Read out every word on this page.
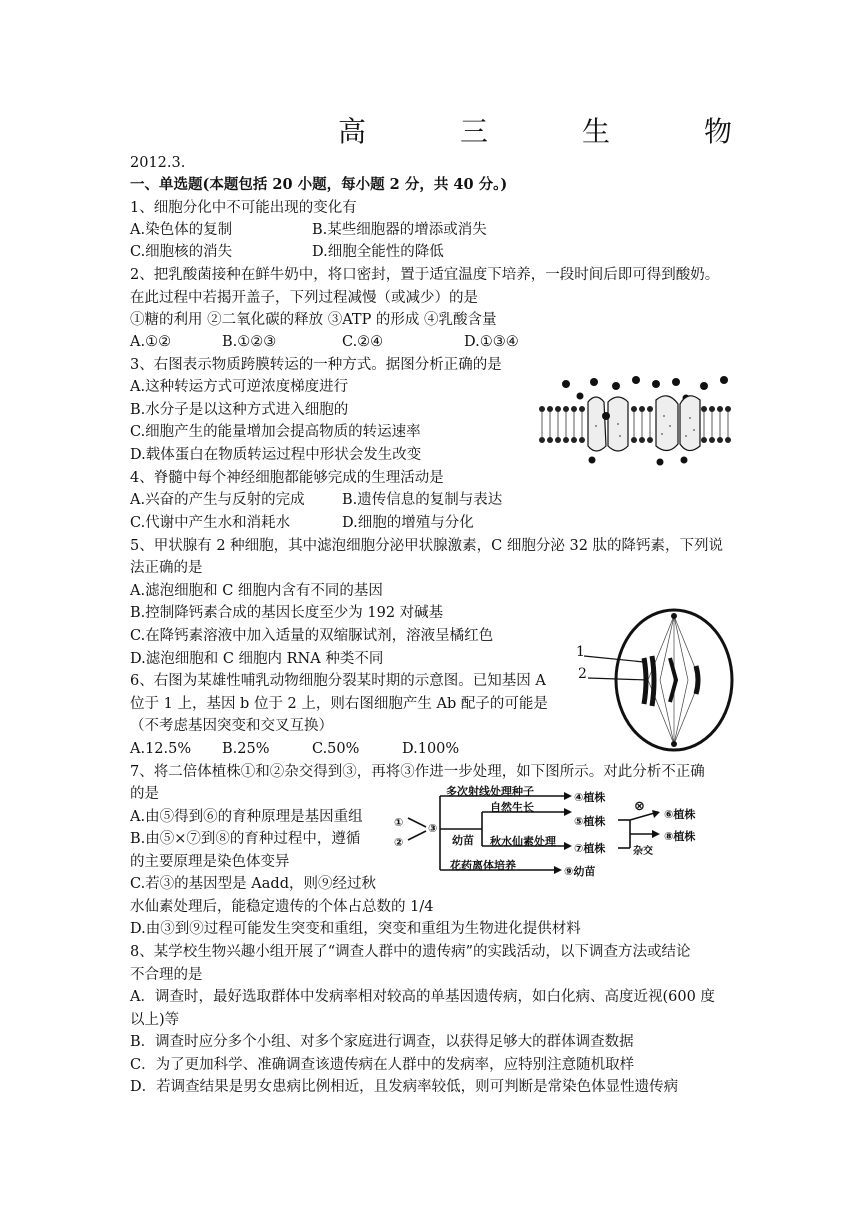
高	三	生	物
2012.3.
一、单选题(本题包括 20 小题，每小题 2 分，共 40 分。)
1、细胞分化中不可能出现的变化有
A.染色体的复制	B.某些细胞器的增添或消失
C.细胞核的消失	D.细胞全能性的降低
2、把乳酸菌接种在鲜牛奶中，将口密封，置于适宜温度下培养，一段时间后即可得到酸奶。
在此过程中若揭开盖子，下列过程减慢（或减少）的是
①糖的利用 ②二氧化碳的释放 ③ATP 的形成 ④乳酸含量
A.①②	B.①②③	C.②④	D.①③④
3、右图表示物质跨膜转运的一种方式。据图分析正确的是
A.这种转运方式可逆浓度梯度进行
B.水分子是以这种方式进入细胞的
C.细胞产生的能量增加会提高物质的转运速率
D.载体蛋白在物质转运过程中形状会发生改变
4、脊髓中每个神经细胞都能够完成的生理活动是
A.兴奋的产生与反射的完成	B.遗传信息的复制与表达
C.代谢中产生水和消耗水	D.细胞的增殖与分化
5、甲状腺有 2 种细胞，其中滤泡细胞分泌甲状腺激素，C 细胞分泌 32 肽的降钙素，下列说
法正确的是
A.滤泡细胞和 C 细胞内含有不同的基因
B.控制降钙素合成的基因长度至少为 192 对碱基
C.在降钙素溶液中加入适量的双缩脲试剂，溶液呈橘红色
D.滤泡细胞和 C 细胞内 RNA 种类不同	1
2
6、右图为某雄性哺乳动物细胞分裂某时期的示意图。已知基因 A
位于 1 上，基因 b 位于 2 上，则右图细胞产生 Ab 配子的可能是
（不考虑基因突变和交叉互换）
A.12.5% B.25%	C.50%	D.100%
7、将二倍体植株①和②杂交得到③，再将③作进一步处理，如下图所示。对此分析不正确
的是
A.由⑤得到⑥的育种原理是基因重组
B.由⑤×⑦到⑧的育种过程中，遵循
的主要原理是染色体变异
C.若③的基因型是 Aadd，则⑨经过秋
水仙素处理后，能稳定遗传的个体占总数的 1/4
D.由③到⑨过程可能发生突变和重组，突变和重组为生物进化提供材料
①
②
③
幼苗
多次射线处理种子	④植株
自然生长
⑤植株
秋水仙素处理
⑦植株
⊗
⑥植株
⑧植株
杂交
花药离体培养	⑨幼苗
8、某学校生物兴趣小组开展了“调查人群中的遗传病”的实践活动，以下调查方法或结论
不合理的是
A．调查时，最好选取群体中发病率相对较高的单基因遗传病，如白化病、高度近视(600 度
以上)等
B．调查时应分多个小组、对多个家庭进行调查，以获得足够大的群体调查数据
C．为了更加科学、准确调查该遗传病在人群中的发病率，应特别注意随机取样
D．若调查结果是男女患病比例相近，且发病率较低，则可判断是常染色体显性遗传病
